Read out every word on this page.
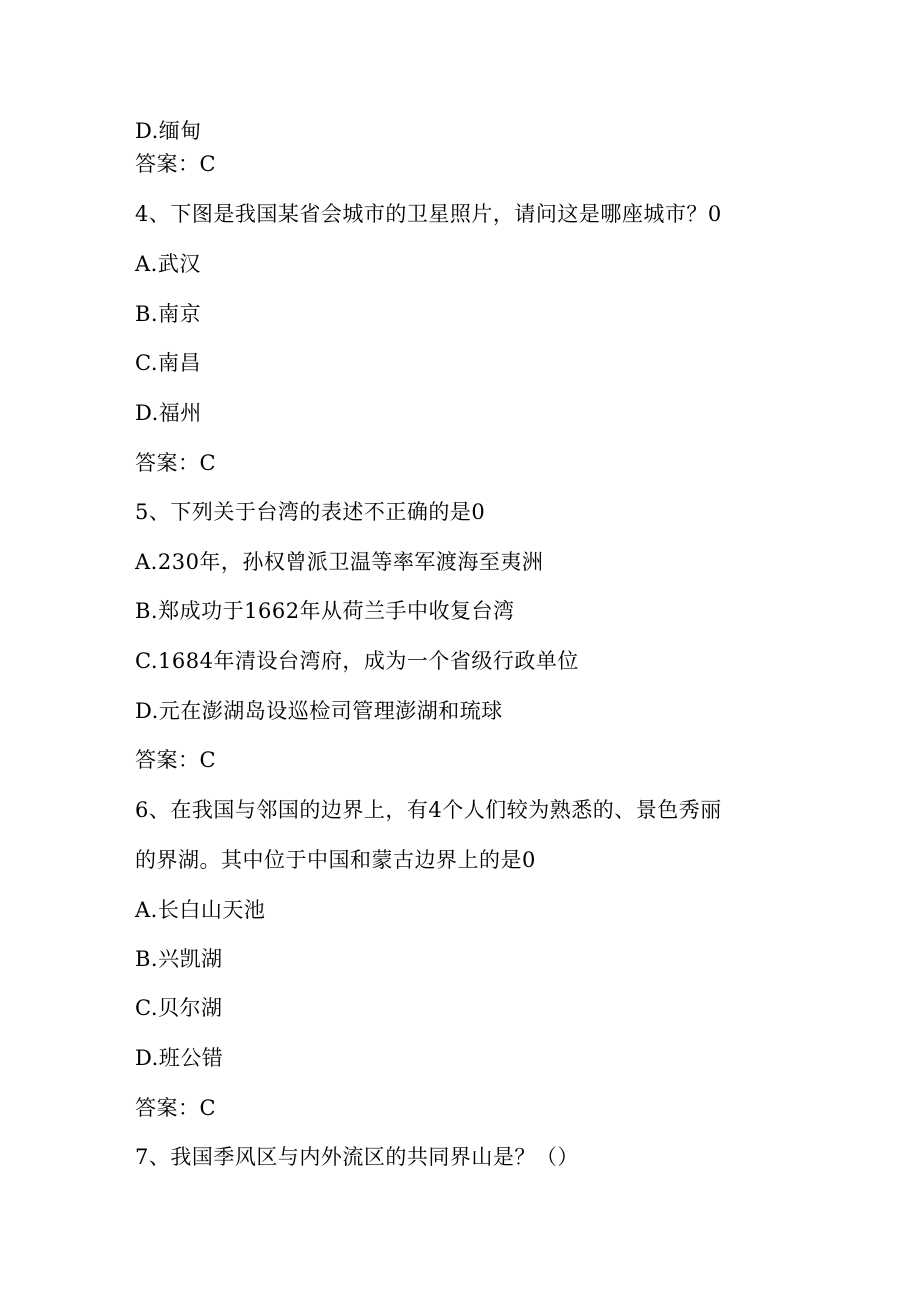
D.缅甸
答案：C
4、下图是我国某省会城市的卫星照片，请问这是哪座城市？0
A.武汉
B.南京
C.南昌
D.福州
答案：C
5、下列关于台湾的表述不正确的是0
A.230年，孙权曾派卫温等率军渡海至夷洲
B.郑成功于1662年从荷兰手中收复台湾
C.1684年清设台湾府，成为一个省级行政单位
D.元在澎湖岛设巡检司管理澎湖和琉球
答案：C
6、在我国与邻国的边界上，有4个人们较为熟悉的、景色秀丽
的界湖。其中位于中国和蒙古边界上的是0
A.长白山天池
B.兴凯湖
C.贝尔湖
D.班公错
答案：C
7、我国季风区与内外流区的共同界山是？（）
